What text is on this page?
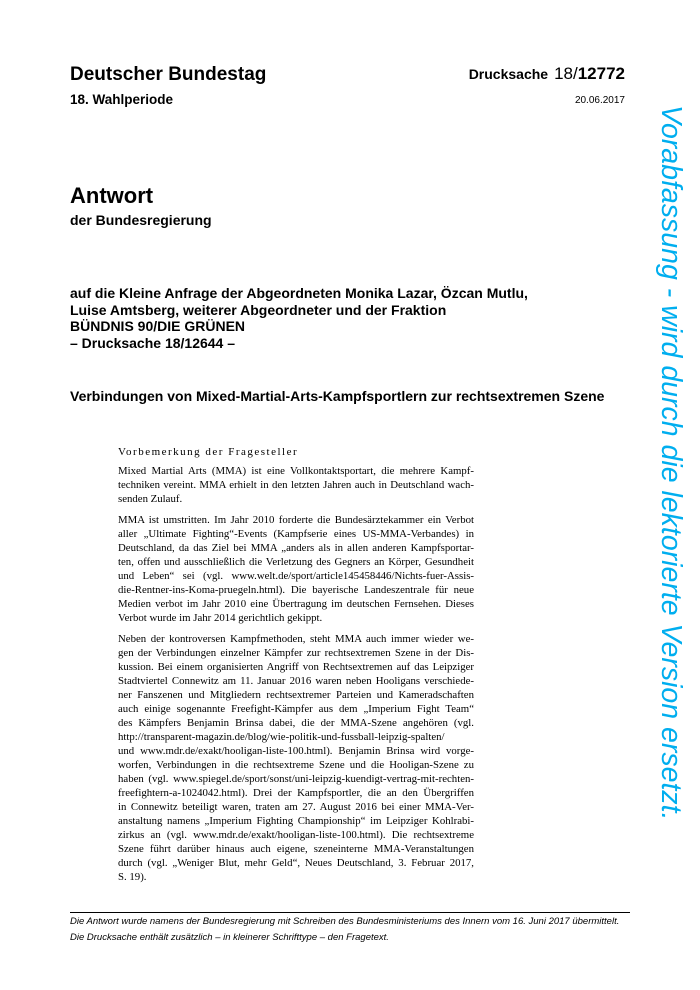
Deutscher Bundestag
18. Wahlperiode
Drucksache 18/12772
20.06.2017
Antwort
der Bundesregierung
auf die Kleine Anfrage der Abgeordneten Monika Lazar, Özcan Mutlu,
Luise Amtsberg, weiterer Abgeordneter und der Fraktion
BÜNDNIS 90/DIE GRÜNEN
– Drucksache 18/12644 –
Verbindungen von Mixed-Martial-Arts-Kampfsportlern zur rechtsextremen Szene
Vorbemerkung der Fragesteller
Mixed Martial Arts (MMA) ist eine Vollkontaktsportart, die mehrere Kampf-
techniken vereint. MMA erhielt in den letzten Jahren auch in Deutschland wach-
senden Zulauf.
MMA ist umstritten. Im Jahr 2010 forderte die Bundesärztekammer ein Verbot
aller „Ultimate Fighting“-Events (Kampfserie eines US-MMA-Verbandes) in
Deutschland, da das Ziel bei MMA „anders als in allen anderen Kampfsportar-
ten, offen und ausschließlich die Verletzung des Gegners an Körper, Gesundheit
und Leben“ sei (vgl. www.welt.de/sport/article145458446/Nichts-fuer-Assis-
die-Rentner-ins-Koma-pruegeln.html). Die bayerische Landeszentrale für neue
Medien verbot im Jahr 2010 eine Übertragung im deutschen Fernsehen. Dieses
Verbot wurde im Jahr 2014 gerichtlich gekippt.
Neben der kontroversen Kampfmethoden, steht MMA auch immer wieder we-
gen der Verbindungen einzelner Kämpfer zur rechtsextremen Szene in der Dis-
kussion. Bei einem organisierten Angriff von Rechtsextremen auf das Leipziger
Stadtviertel Connewitz am 11. Januar 2016 waren neben Hooligans verschiede-
ner Fanszenen und Mitgliedern rechtsextremer Parteien und Kameradschaften
auch einige sogenannte Freefight-Kämpfer aus dem „Imperium Fight Team“
des Kämpfers Benjamin Brinsa dabei, die der MMA-Szene angehören (vgl.
http://transparent-magazin.de/blog/wie-politik-und-fussball-leipzig-spalten/
und www.mdr.de/exakt/hooligan-liste-100.html). Benjamin Brinsa wird vorge-
worfen, Verbindungen in die rechtsextreme Szene und die Hooligan-Szene zu
haben (vgl. www.spiegel.de/sport/sonst/uni-leipzig-kuendigt-vertrag-mit-rechten-
freefightern-a-1024042.html). Drei der Kampfsportler, die an den Übergriffen
in Connewitz beteiligt waren, traten am 27. August 2016 bei einer MMA-Ver-
anstaltung namens „Imperium Fighting Championship“ im Leipziger Kohlrabi-
zirkus an (vgl. www.mdr.de/exakt/hooligan-liste-100.html). Die rechtsextreme
Szene führt darüber hinaus auch eigene, szeneinterne MMA-Veranstaltungen
durch (vgl. „Weniger Blut, mehr Geld“, Neues Deutschland, 3. Februar 2017,
S. 19).
Die Antwort wurde namens der Bundesregierung mit Schreiben des Bundesministeriums des Innern vom 16. Juni 2017 übermittelt.
Die Drucksache enthält zusätzlich – in kleinerer Schrifttype – den Fragetext.
Vorabfassung - wird durch die lektorierte Version ersetzt.
